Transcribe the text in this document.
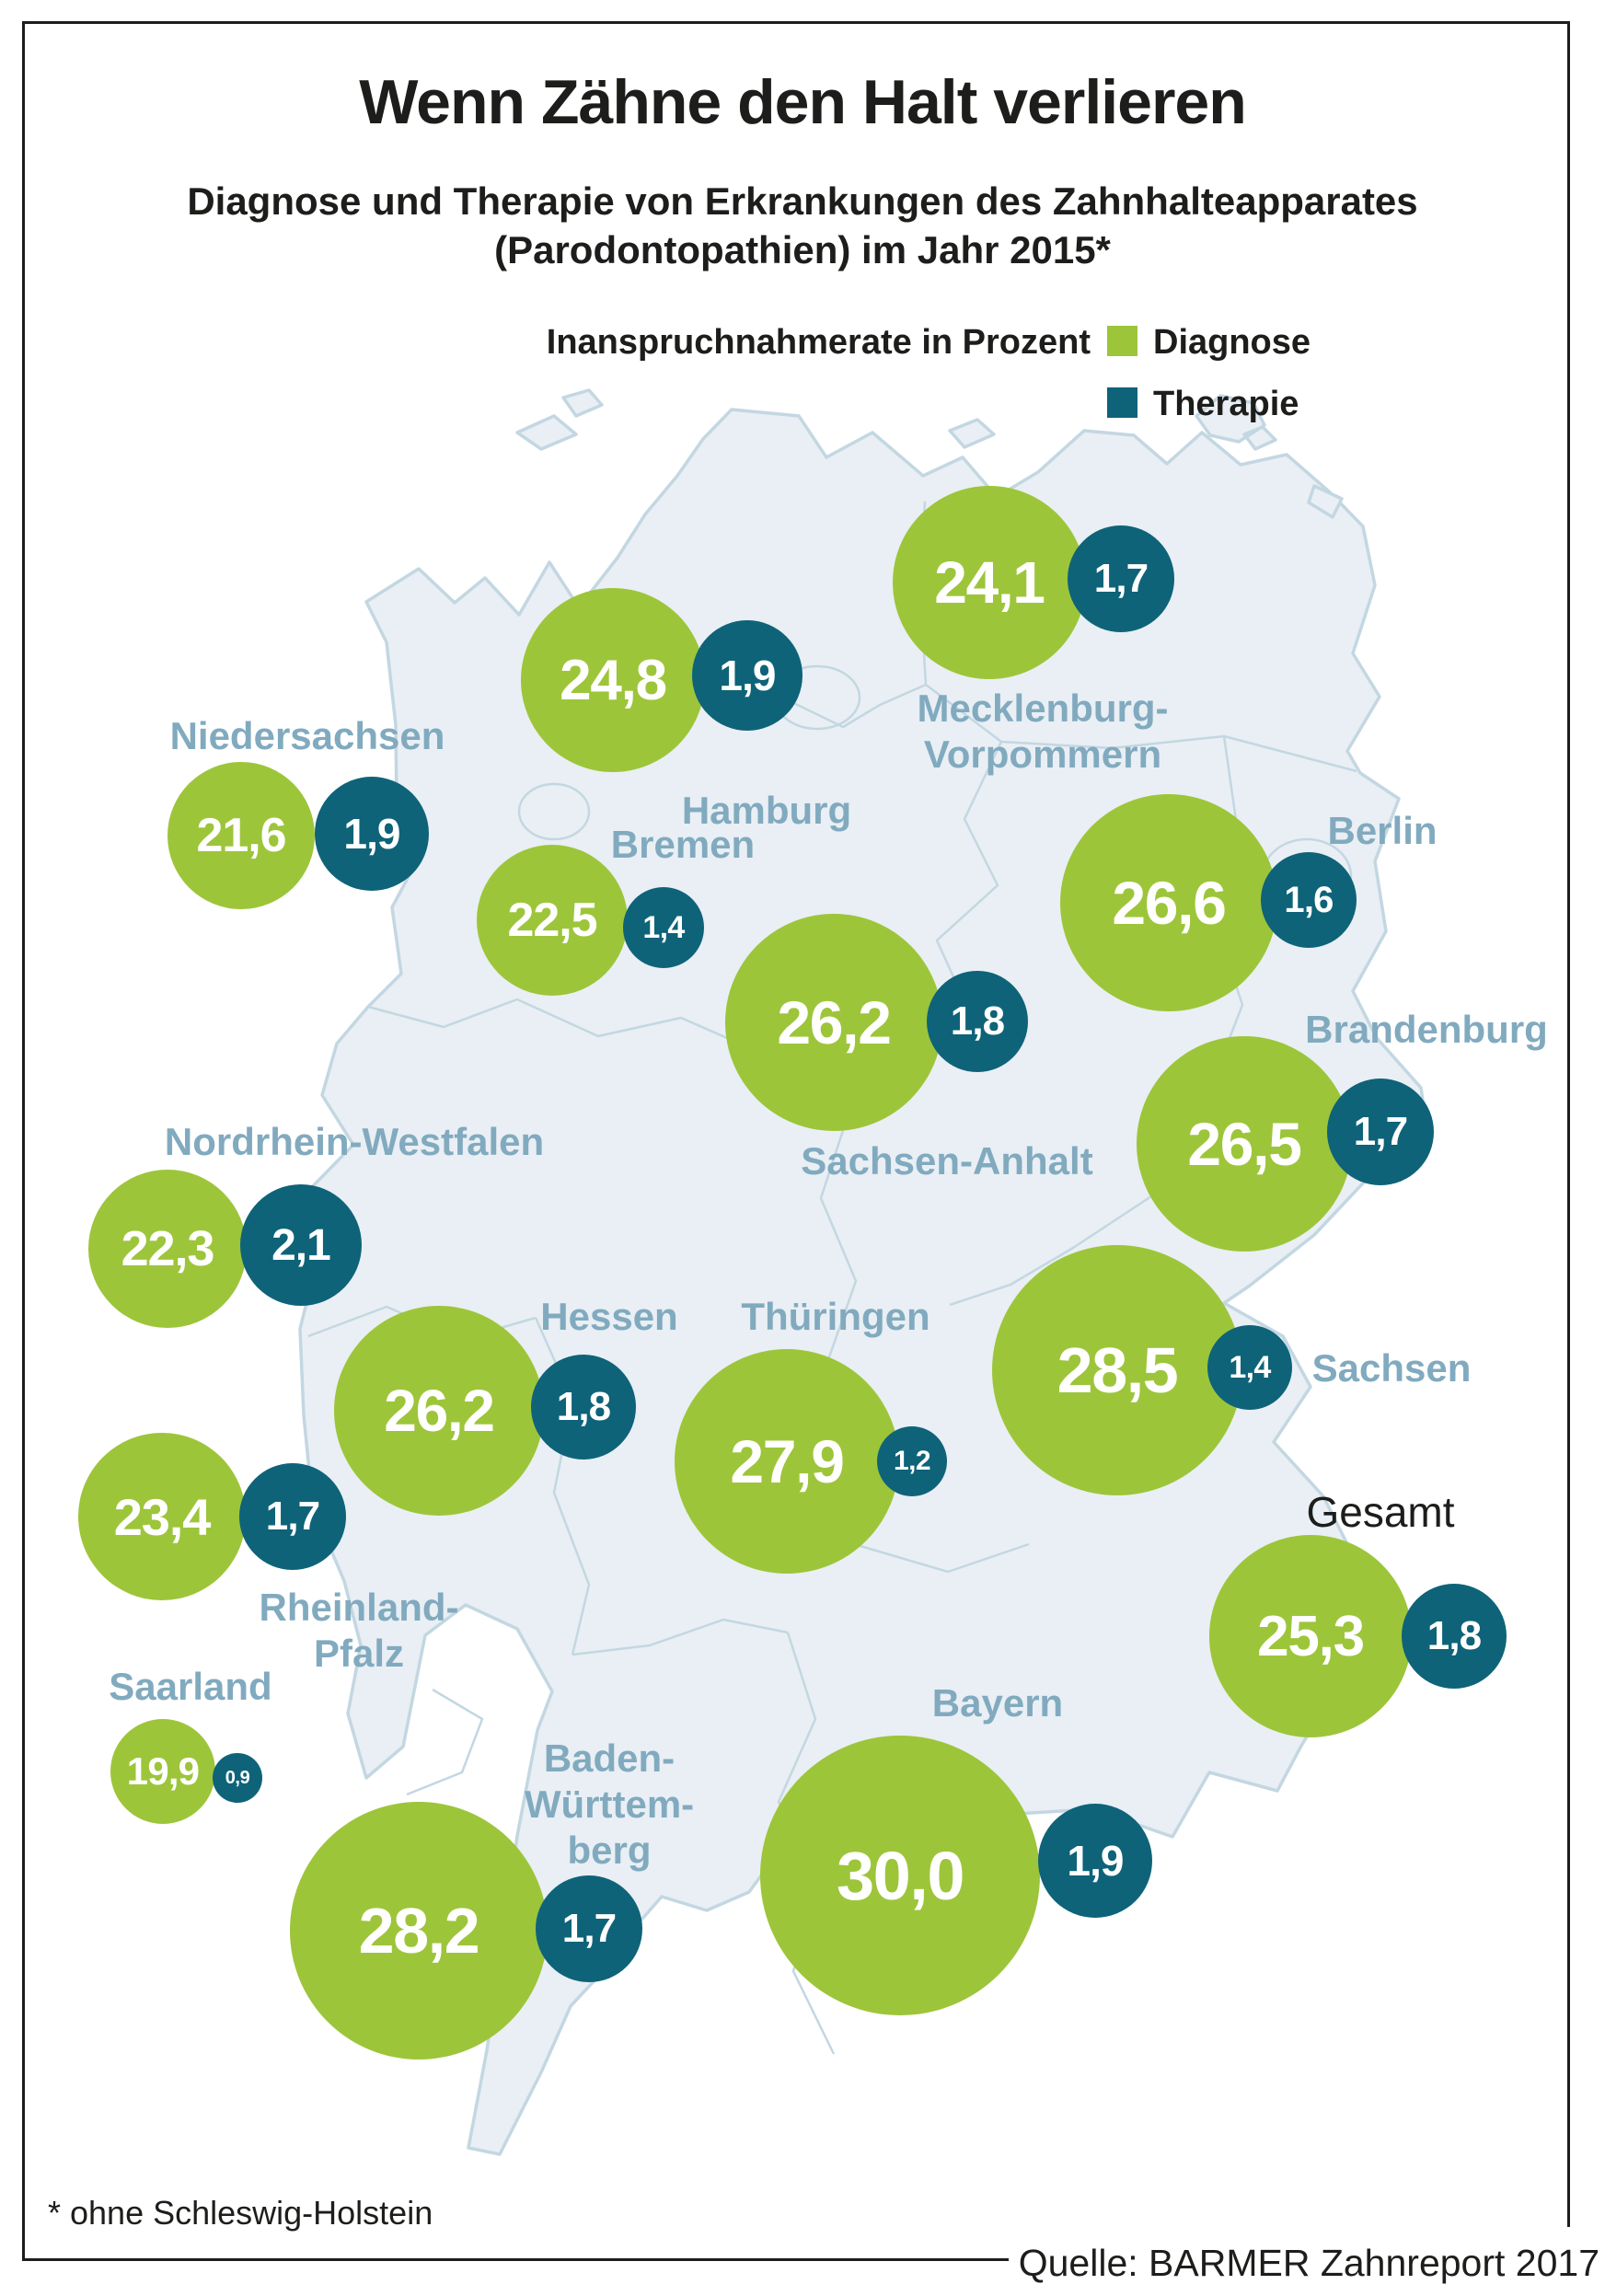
Wenn Zähne den Halt verlieren
Diagnose und Therapie von Erkrankungen des Zahnhalteapparates
(Parodontopathien) im Jahr 2015*
Inanspruchnahmerate in Prozent Diagnose
Therapie
Mecklenburg-
Vorpommern
24,1	1,7
Hamburg
24,8	1,9
Niedersachsen
21,6	1,9	Bremen
22,5	1,4
Berlin
26,6	1,6
Brandenburg
26,5	1,7
Sachsen-Anhalt
26,2	1,8
Nordrhein-Westfalen
22,3	2,1
Hessen
26,2	1,8
Thüringen
27,9	1,2
Sachsen
28,5	1,4
Rheinland-
Pfalz
23,4	1,7
Saarland
19,9	0,9	Baden-
Württem-
berg
28,2	1,7
Bayern
30,0	1,9
Gesamt
25,3	1,8
* ohne Schleswig-Holstein
Quelle: BARMER Zahnreport 2017
